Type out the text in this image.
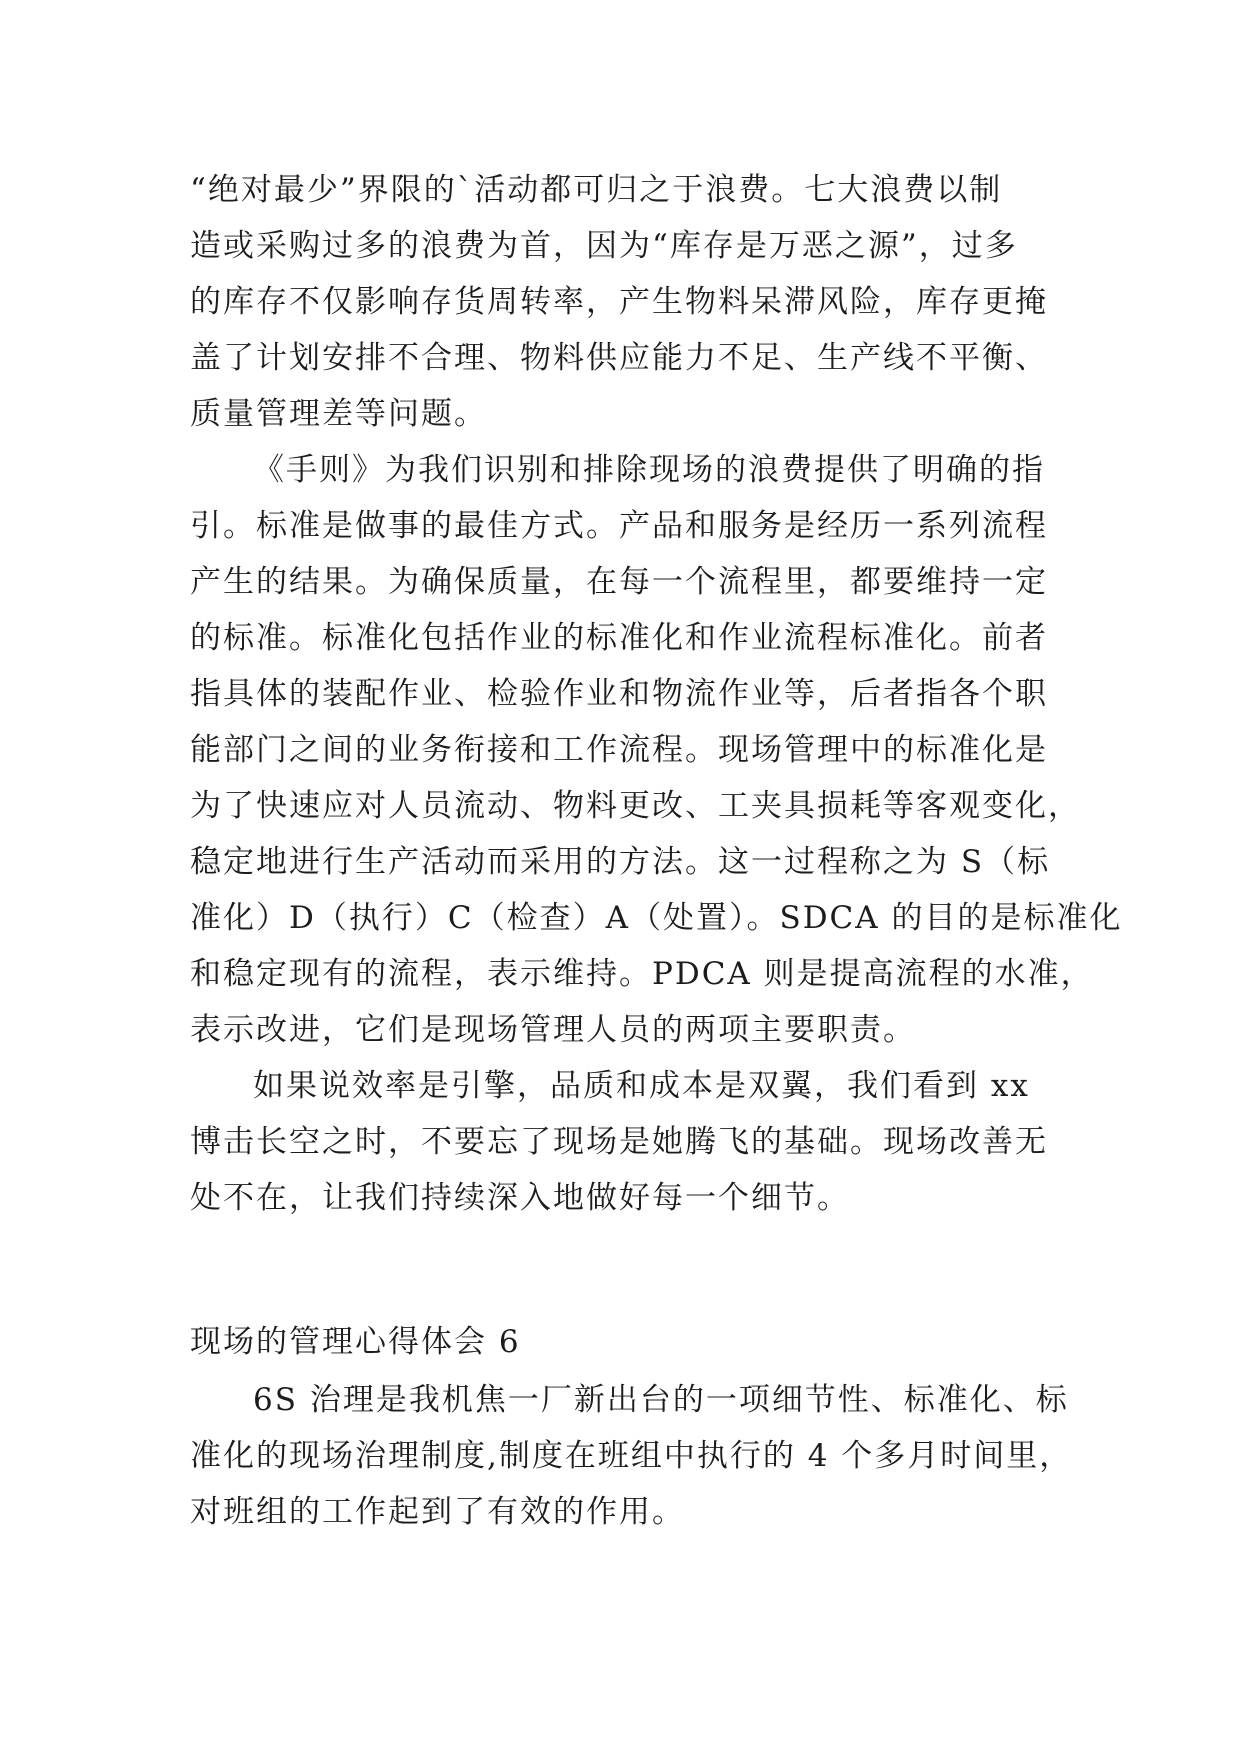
“绝对最少”界限的`活动都可归之于浪费。七大浪费以制
造或采购过多的浪费为首，因为“库存是万恶之源”，过多
的库存不仅影响存货周转率，产生物料呆滞风险，库存更掩
盖了计划安排不合理、物料供应能力不足、生产线不平衡、
质量管理差等问题。
《手则》为我们识别和排除现场的浪费提供了明确的指
引。标准是做事的最佳方式。产品和服务是经历一系列流程
产生的结果。为确保质量，在每一个流程里，都要维持一定
的标准。标准化包括作业的标准化和作业流程标准化。前者
指具体的装配作业、检验作业和物流作业等，后者指各个职
能部门之间的业务衔接和工作流程。现场管理中的标准化是
为了快速应对人员流动、物料更改、工夹具损耗等客观变化，
稳定地进行生产活动而采用的方法。这一过程称之为 S（标
准化）D（执行）C（检查）A（处置）。SDCA 的目的是标准化
和稳定现有的流程，表示维持。PDCA 则是提高流程的水准，
表示改进，它们是现场管理人员的两项主要职责。
如果说效率是引擎，品质和成本是双翼，我们看到 xx
博击长空之时，不要忘了现场是她腾飞的基础。现场改善无
处不在，让我们持续深入地做好每一个细节。
现场的管理心得体会 6
6S 治理是我机焦一厂新出台的一项细节性、标准化、标
准化的现场治理制度,制度在班组中执行的 4 个多月时间里，
对班组的工作起到了有效的作用。
